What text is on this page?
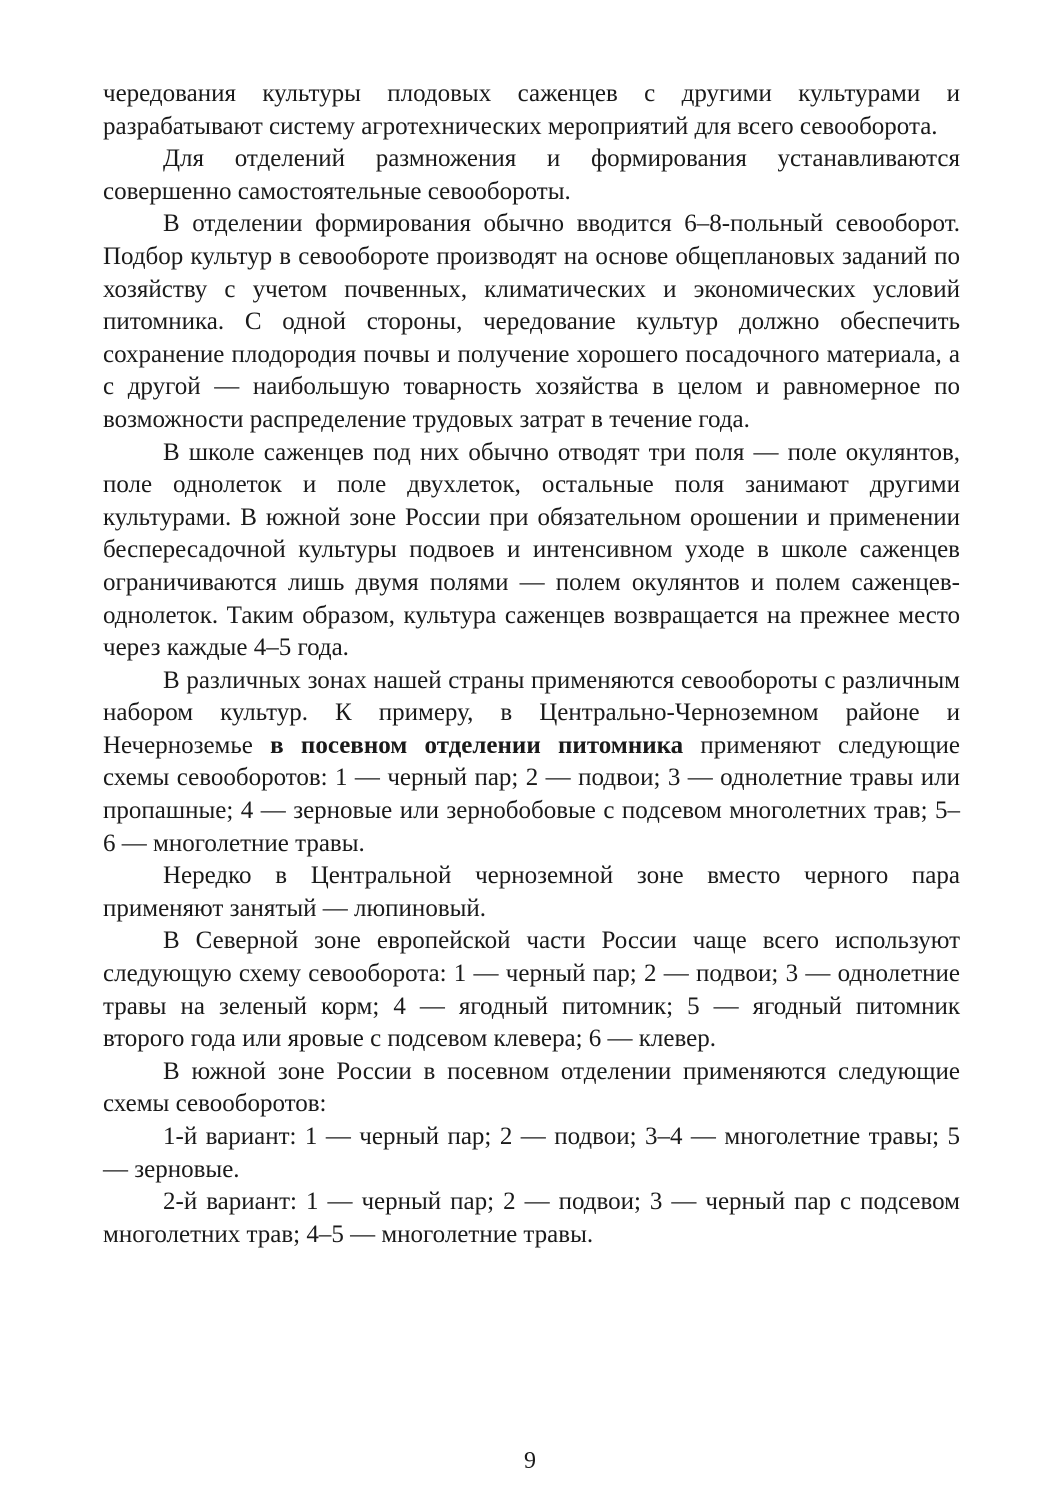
чередования культуры плодовых саженцев с другими культурами и разрабатывают систему агротехнических мероприятий для всего севооборота.

Для отделений размножения и формирования устанавливаются совершенно самостоятельные севообороты.

В отделении формирования обычно вводится 6–8-польный севооборот. Подбор культур в севообороте производят на основе общеплановых заданий по хозяйству с учетом почвенных, климатических и экономических условий питомника. С одной стороны, чередование культур должно обеспечить сохранение плодородия почвы и получение хорошего посадочного материала, а с другой — наибольшую товарность хозяйства в целом и равномерное по возможности распределение трудовых затрат в течение года.

В школе саженцев под них обычно отводят три поля — поле окулянтов, поле однолеток и поле двухлеток, остальные поля занимают другими культурами. В южной зоне России при обязательном орошении и применении беспересадочной культуры подвоев и интенсивном уходе в школе саженцев ограничиваются лишь двумя полями — полем окулянтов и полем саженцев-однолеток. Таким образом, культура саженцев возвращается на прежнее место через каждые 4–5 года.

В различных зонах нашей страны применяются севообороты с различным набором культур. К примеру, в Центрально-Черноземном районе и Нечерноземье в посевном отделении питомника применяют следующие схемы севооборотов: 1 — черный пар; 2 — подвои; 3 — однолетние травы или пропашные; 4 — зерновые или зернобобовые с подсевом многолетних трав; 5–6 — многолетние травы.

Нередко в Центральной черноземной зоне вместо черного пара применяют занятый — люпиновый.

В Северной зоне европейской части России чаще всего используют следующую схему севооборота: 1 — черный пар; 2 — подвои; 3 — однолетние травы на зеленый корм; 4 — ягодный питомник; 5 — ягодный питомник второго года или яровые с подсевом клевера; 6 — клевер.

В южной зоне России в посевном отделении применяются следующие схемы севооборотов:

1-й вариант: 1 — черный пар; 2 — подвои; 3–4 — многолетние травы; 5 — зерновые.

2-й вариант: 1 — черный пар; 2 — подвои; 3 — черный пар с подсевом многолетних трав; 4–5 — многолетние травы.

9
